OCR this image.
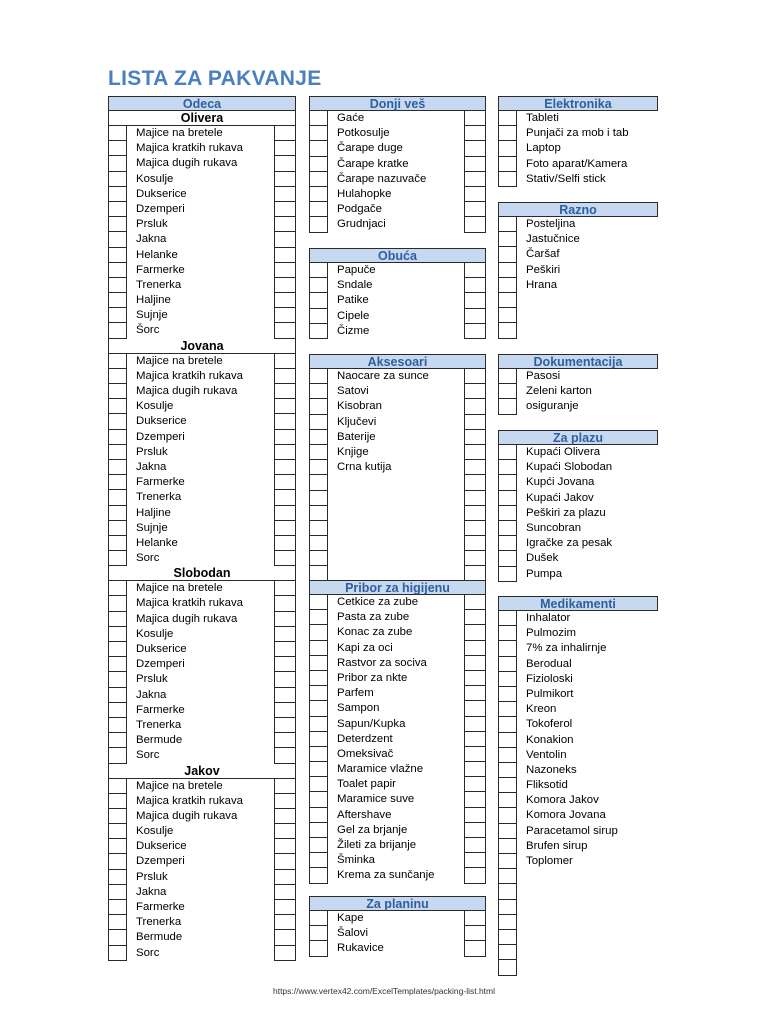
LISTA ZA PAKVANJE
Odeca
Olivera
Majice na bretele
Majica kratkih rukava
Majica dugih rukava
Kosulje
Dukserice
Dzemperi
Prsluk
Jakna
Helanke
Farmerke
Trenerka
Haljine
Sujnje
Šorc
Jovana
Majice na bretele
Majica kratkih rukava
Majica dugih rukava
Kosulje
Dukserice
Dzemperi
Prsluk
Jakna
Farmerke
Trenerka
Haljine
Sujnje
Helanke
Sorc
Slobodan
Majice na bretele
Majica kratkih rukava
Majica dugih rukava
Kosulje
Dukserice
Dzemperi
Prsluk
Jakna
Farmerke
Trenerka
Bermude
Sorc
Jakov
Majice na bretele
Majica kratkih rukava
Majica dugih rukava
Kosulje
Dukserice
Dzemperi
Prsluk
Jakna
Farmerke
Trenerka
Bermude
Sorc
Donji veš
Gaće
Potkosulje
Čarape duge
Čarape kratke
Čarape nazuvače
Hulahopke
Podgače
Grudnjaci
Obuća
Papuče
Sndale
Patike
Cipele
Čizme
Aksesoari
Naocare za sunce
Satovi
Kisobran
Ključevi
Baterije
Knjige
Crna kutija
Pribor za higijenu
Cetkice za zube
Pasta za zube
Konac za zube
Kapi za oci
Rastvor za sociva
Pribor za nkte
Parfem
Sampon
Sapun/Kupka
Deterdzent
Omeksivač
Maramice vlažne
Toalet papir
Maramice suve
Aftershave
Gel za brjanje
Žileti za brijanje
Šminka
Krema za sunčanje
Za planinu
Kape
Šalovi
Rukavice
Elektronika
Tableti
Punjači za mob i tab
Laptop
Foto aparat/Kamera
Stativ/Selfi stick
Razno
Posteljina
Jastučnice
Čaršaf
Peškiri
Hrana
Dokumentacija
Pasosi
Zeleni karton
osiguranje
Za plazu
Kupaći Olivera
Kupaći Slobodan
Kupći Jovana
Kupaći Jakov
Peškiri za plazu
Suncobran
Igračke za pesak
Dušek
Pumpa
Medikamenti
Inhalator
Pulmozim
7% za inhalirnje
Berodual
Fizioloski
Pulmikort
Kreon
Tokoferol
Konakion
Ventolin
Nazoneks
Fliksotid
Komora Jakov
Komora Jovana
Paracetamol sirup
Brufen sirup
Toplomer
https://www.vertex42.com/ExcelTemplates/packing-list.html
